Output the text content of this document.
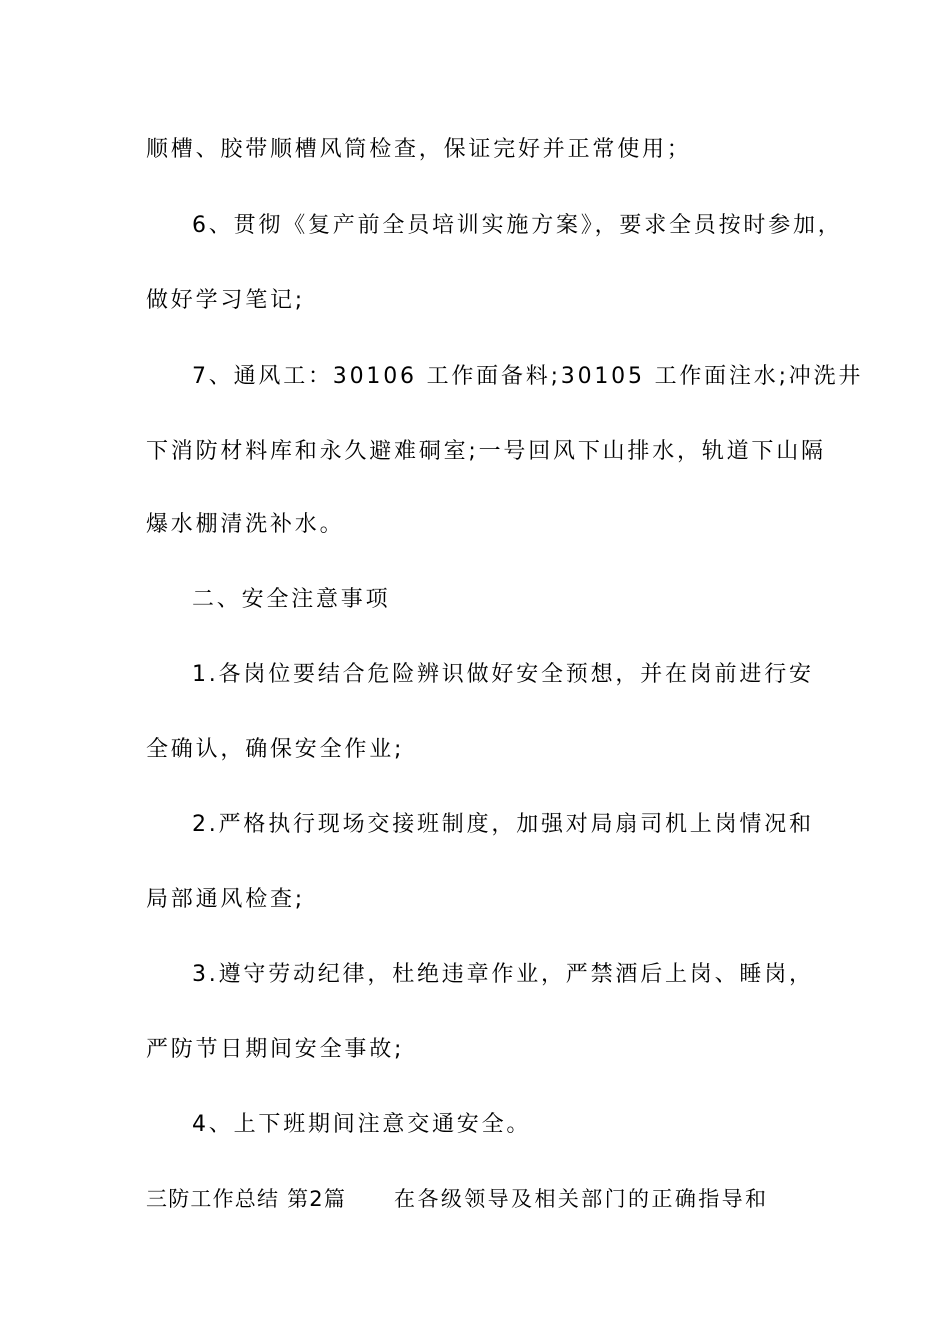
顺槽、胶带顺槽风筒检查，保证完好并正常使用；
6、贯彻《复产前全员培训实施方案》，要求全员按时参加，
做好学习笔记;
7、通风工：30106 工作面备料;30105 工作面注水;冲洗井
下消防材料库和永久避难硐室;一号回风下山排水，轨道下山隔
爆水棚清洗补水。
二、安全注意事项
1.各岗位要结合危险辨识做好安全预想，并在岗前进行安
全确认，确保安全作业;
2.严格执行现场交接班制度，加强对局扇司机上岗情况和
局部通风检查;
3.遵守劳动纪律，杜绝违章作业，严禁酒后上岗、睡岗，
严防节日期间安全事故;
4、上下班期间注意交通安全。
三防工作总结 第2篇 在各级领导及相关部门的正确指导和
